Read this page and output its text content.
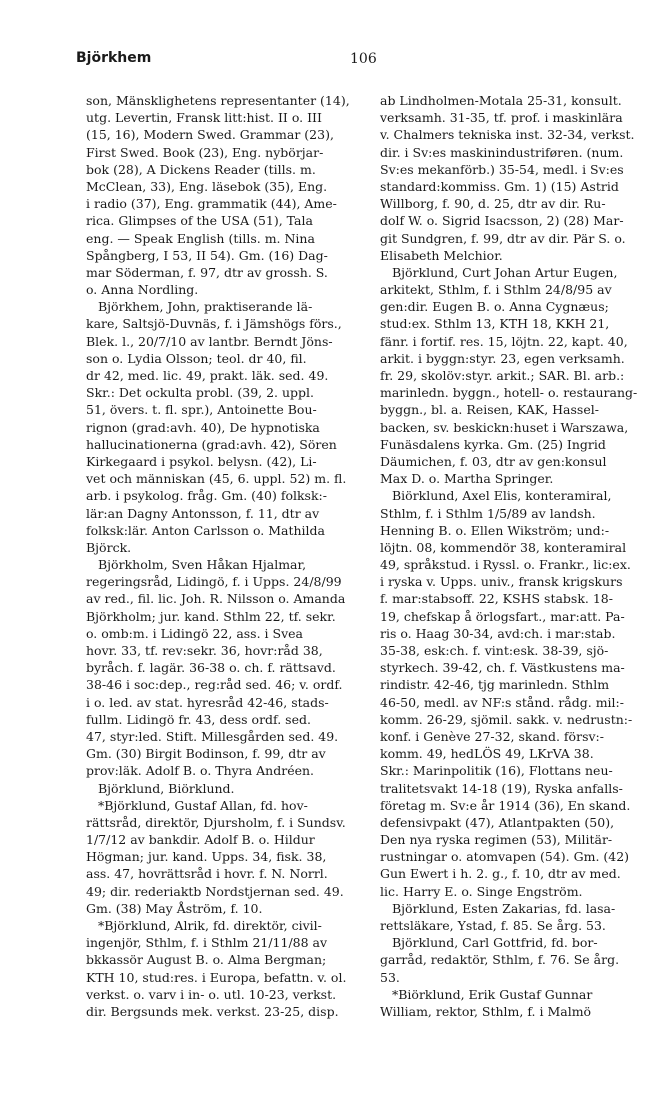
Björkhem	106
son, Mänsklighetens representanter (14),
utg. Levertin, Fransk litt:hist. II o. III
(15, 16), Modern Swed. Grammar (23),
First Swed. Book (23), Eng. nybörjar-
bok (28), A Dickens Reader (tills. m.
McClean, 33), Eng. läsebok (35), Eng.
i radio (37), Eng. grammatik (44), Ame-
rica. Glimpses of the USA (51), Tala
eng. — Speak English (tills. m. Nina
Spångberg, I 53, II 54). Gm. (16) Dag-
mar Söderman, f. 97, dtr av grossh. S.
o. Anna Nordling.
Björkhem, John, praktiserande lä-
kare, Saltsjö-Duvnäs, f. i Jämshögs förs.,
Blek. l., 20/7/10 av lantbr. Berndt Jöns-
son o. Lydia Olsson; teol. dr 40, fil.
dr 42, med. lic. 49, prakt. läk. sed. 49.
Skr.: Det ockulta probl. (39, 2. uppl.
51, övers. t. fl. spr.), Antoinette Bou-
rignon (grad:avh. 40), De hypnotiska
hallucinationerna (grad:avh. 42), Sören
Kirkegaard i psykol. belysn. (42), Li-
vet och människan (45, 6. uppl. 52) m. fl.
arb. i psykolog. fråg. Gm. (40) folksk:-
lär:an Dagny Antonsson, f. 11, dtr av
folksk:lär. Anton Carlsson o. Mathilda
Björck.
Björkholm, Sven Håkan Hjalmar,
regeringsråd, Lidingö, f. i Upps. 24/8/99
av red., fil. lic. Joh. R. Nilsson o. Amanda
Björkholm; jur. kand. Sthlm 22, tf. sekr.
o. omb:m. i Lidingö 22, ass. i Svea
hovr. 33, tf. rev:sekr. 36, hovr:råd 38,
byråch. f. lagär. 36-38 o. ch. f. rättsavd.
38-46 i soc:dep., reg:råd sed. 46; v. ordf.
i o. led. av stat. hyresråd 42-46, stads-
fullm. Lidingö fr. 43, dess ordf. sed.
47, styr:led. Stift. Millesgården sed. 49.
Gm. (30) Birgit Bodinson, f. 99, dtr av
prov:läk. Adolf B. o. Thyra Andréen.
Björklund, Biörklund.
*Björklund, Gustaf Allan, fd. hov-
rättsråd, direktör, Djursholm, f. i Sundsv.
1/7/12 av bankdir. Adolf B. o. Hildur
Högman; jur. kand. Upps. 34, fisk. 38,
ass. 47, hovrättsråd i hovr. f. N. Norrl.
49; dir. rederiaktb Nordstjernan sed. 49.
Gm. (38) May Åström, f. 10.
*Björklund, Alrik, fd. direktör, civil-
ingenjör, Sthlm, f. i Sthlm 21/11/88 av
bkkassör August B. o. Alma Bergman;
KTH 10, stud:res. i Europa, befattn. v. ol.
verkst. o. varv i in- o. utl. 10-23, verkst.
dir. Bergsunds mek. verkst. 23-25, disp.
ab Lindholmen-Motala 25-31, konsult.
verksamh. 31-35, tf. prof. i maskinlära
v. Chalmers tekniska inst. 32-34, verkst.
dir. i Sv:es maskinindustriføren. (num.
Sv:es mekanförb.) 35-54, medl. i Sv:es
standard:kommiss. Gm. 1) (15) Astrid
Willborg, f. 90, d. 25, dtr av dir. Ru-
dolf W. o. Sigrid Isacsson, 2) (28) Mar-
git Sundgren, f. 99, dtr av dir. Pär S. o.
Elisabeth Melchior.
Björklund, Curt Johan Artur Eugen,
arkitekt, Sthlm, f. i Sthlm 24/8/95 av
gen:dir. Eugen B. o. Anna Cygnæus;
stud:ex. Sthlm 13, KTH 18, KKH 21,
fänr. i fortif. res. 15, löjtn. 22, kapt. 40,
arkit. i byggn:styr. 23, egen verksamh.
fr. 29, skolöv:styr. arkit.; SAR. Bl. arb.:
marinledn. byggn., hotell- o. restaurang-
byggn., bl. a. Reisen, KAK, Hassel-
backen, sv. beskickn:huset i Warszawa,
Funäsdalens kyrka. Gm. (25) Ingrid
Däumichen, f. 03, dtr av gen:konsul
Max D. o. Martha Springer.
Biörklund, Axel Elis, konteramiral,
Sthlm, f. i Sthlm 1/5/89 av landsh.
Henning B. o. Ellen Wikström; und:-
löjtn. 08, kommendör 38, konteramiral
49, språkstud. i Ryssl. o. Frankr., lic:ex.
i ryska v. Upps. univ., fransk krigskurs
f. mar:stabsoff. 22, KSHS stabsk. 18-
19, chefskap å örlogsfart., mar:att. Pa-
ris o. Haag 30-34, avd:ch. i mar:stab.
35-38, esk:ch. f. vint:esk. 38-39, sjö-
styrkech. 39-42, ch. f. Västkustens ma-
rindistr. 42-46, tjg marinledn. Sthlm
46-50, medl. av NF:s stånd. rådg. mil:-
komm. 26-29, sjömil. sakk. v. nedrustn:-
konf. i Genève 27-32, skand. försv:-
komm. 49, hedLÖS 49, LKrVA 38.
Skr.: Marinpolitik (16), Flottans neu-
tralitetsvakt 14-18 (19), Ryska anfalls-
företag m. Sv:e år 1914 (36), En skand.
defensivpakt (47), Atlantpakten (50),
Den nya ryska regimen (53), Militär-
rustningar o. atomvapen (54). Gm. (42)
Gun Ewert i h. 2. g., f. 10, dtr av med.
lic. Harry E. o. Singe Engström.
Björklund, Esten Zakarias, fd. lasa-
rettsläkare, Ystad, f. 85. Se årg. 53.
Björklund, Carl Gottfrid, fd. bor-
garråd, redaktör, Sthlm, f. 76. Se årg.
53.
*Biörklund, Erik Gustaf Gunnar
William, rektor, Sthlm, f. i Malmö
